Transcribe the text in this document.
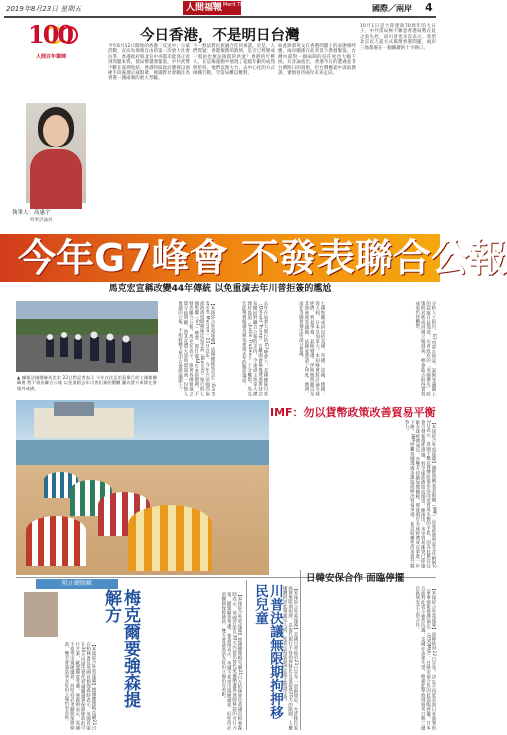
2019年8月23日 星期五	人間福報
The Merit Times	國際／兩岸 4
100
人間百年筆陣
今日香港，不是明日台灣
執筆人：高惠宇
時事評論員
今年6月12日開始的香港「反送中」示威活動，宣而為保衛自由的第一次重大社會抗爭，香港政府與北京中央都未能真正看到問題本質，使局勢越發緊張，中共武警不斷在深圳集結，香港特區政府選擇以強硬手段處理示威群眾，被國際社會關注為香港一國兩制的重大考驗。
下一無法對民族融合任何承諾。於是，人們質疑：香港懷舊的熱情，是否已經變成一股再也無法阻擋的洪流？香港的年輕人，在這場運動中展現了超越年齡的成熟與堅持，他們以無大台、去中心化的方式組織行動，令當局難以應對。
如此與蔡英文在香港問題上的表態相呼應，兩岸關係在此背景下愈發緊張，台灣內部對一國兩制的信任度也大幅下滑。有評論指出，香港今日的遭遇並非台灣明日的寫照，但台灣應從中汲取教訓，審慎看待兩岸未來走向。
10月1日是大陸建政70周年的大日子，中共當局極不願意香港局勢在此之前失控，而川普也多次表示，希望北京以人道方式處理香港問題，兩岸三地都處在一個關鍵的十字路口。
今年G7峰會 不發表聯合公報
馬克宏宣稱改變44年傳統 以免重演去年川普拒簽的尷尬
▲ 據報法國總統馬克宏 22日對記者表示 今年在比亞里茲舉行的七國集團峰會 將不發表聯合公報 以免重蹈去年川普拒簽的覆轍 圖為警方車隊在會場外戒備。	【本報綜合外電報導】法國總統馬克宏（Emmanuel Macron）21日宣布，今年在法國西南部海濱度假勝地比亞里茲（Biarritz）舉行的七國集團（G7）峰會，將打破44年來的慣例，不發表聯合公報。馬克宏表示，與會各國領袖之間分歧明顯，與其花費大量時間協商一份無人會讀的公報，不如將精力集中在實際議題上。	去年在加拿大舉行的G7峰會上，美國總統川普（Donald Trump）在離開會場後透過推特宣布撤回對聯合公報的支持，令東道主加拿大總理杜魯道（Justin Trudeau）十分難堪。馬克宏此舉被解讀為避免重演去年的尷尬場面。	七國集團成員包括美國、英國、法國、德國、義大利、日本及加拿大。本屆峰會將討論全球經濟、貿易爭端、氣候變遷、伊朗核問題以及非洲發展等議題，法國並邀請了印度、澳洲、南非等國領袖出席部分會議。	分析人士指出，G7內部在貿易、氣候等議題上的裂痕日益加深，川普政府的「美國優先」政策與其他成員國立場迥異，峰會能否取得實質成果仍待觀察。
IMF：勿以貨幣政策改善貿易平衡
【本報綜合外電報導】國際貨幣基金組織（IMF）首席經濟學家戈皮納斯22日表示，各國不應以貨幣貶值作為改善貿易失衡的手段，因為此舉往往會引發報復性措施，對全球經濟造成傷害。她指出，美中貿易衝突已經拖累全球經濟成長，若雙方持續加徵關稅，將使明年全球經濟成長率進一步下修。IMF呼籲各國透過多邊協商解決貿易爭端，並以結構性改革提升競爭力。
阻止硬脫歐
梅克爾要強森提解方	【本報綜合外電報導】德國總理梅克爾21日在柏林會見英國首相強森時表示，英國若能在30天內提出替代愛爾蘭邊界保障條款的可行方案，歐盟願意考慮。強森則表示，英國不希望出現硬邊界，但堅持必須刪除保障條款，雙方會談氣氛友好但立場仍有差距。
【本報綜合外電報導】德國總理梅克爾21日在柏林會見英國首相強森時表示，英國若能在30天內提出替代愛爾蘭邊界保障條款的可行方案，歐盟願意考慮。強森則表示，英國不希望出現硬邊界，但堅持必須刪除保障條款，雙方會談氣氛友好但立場仍有差距。	川普決議無限期拘押移民兒童	【本報綜合外電報導】美國川普政府21日宣布一項新規定，允許移民家庭被無限期拘押，以取代現行不得拘押移民兒童超過20天的限制。人權團體批評此舉違反人道，並表示將提起訴訟阻止新規生效。
日韓安保合作 面臨停擺
【本報綜合外電報導】南韓政府22日宣布，決定不再延長與日本簽署的《軍事情報保護協定》（GSOMIA），日韓安保合作因此面臨停擺。日本方面對此表示強烈抗議，美國亦表達失望，擔憂此舉將削弱美日韓三邊在區域安全上的合作。
